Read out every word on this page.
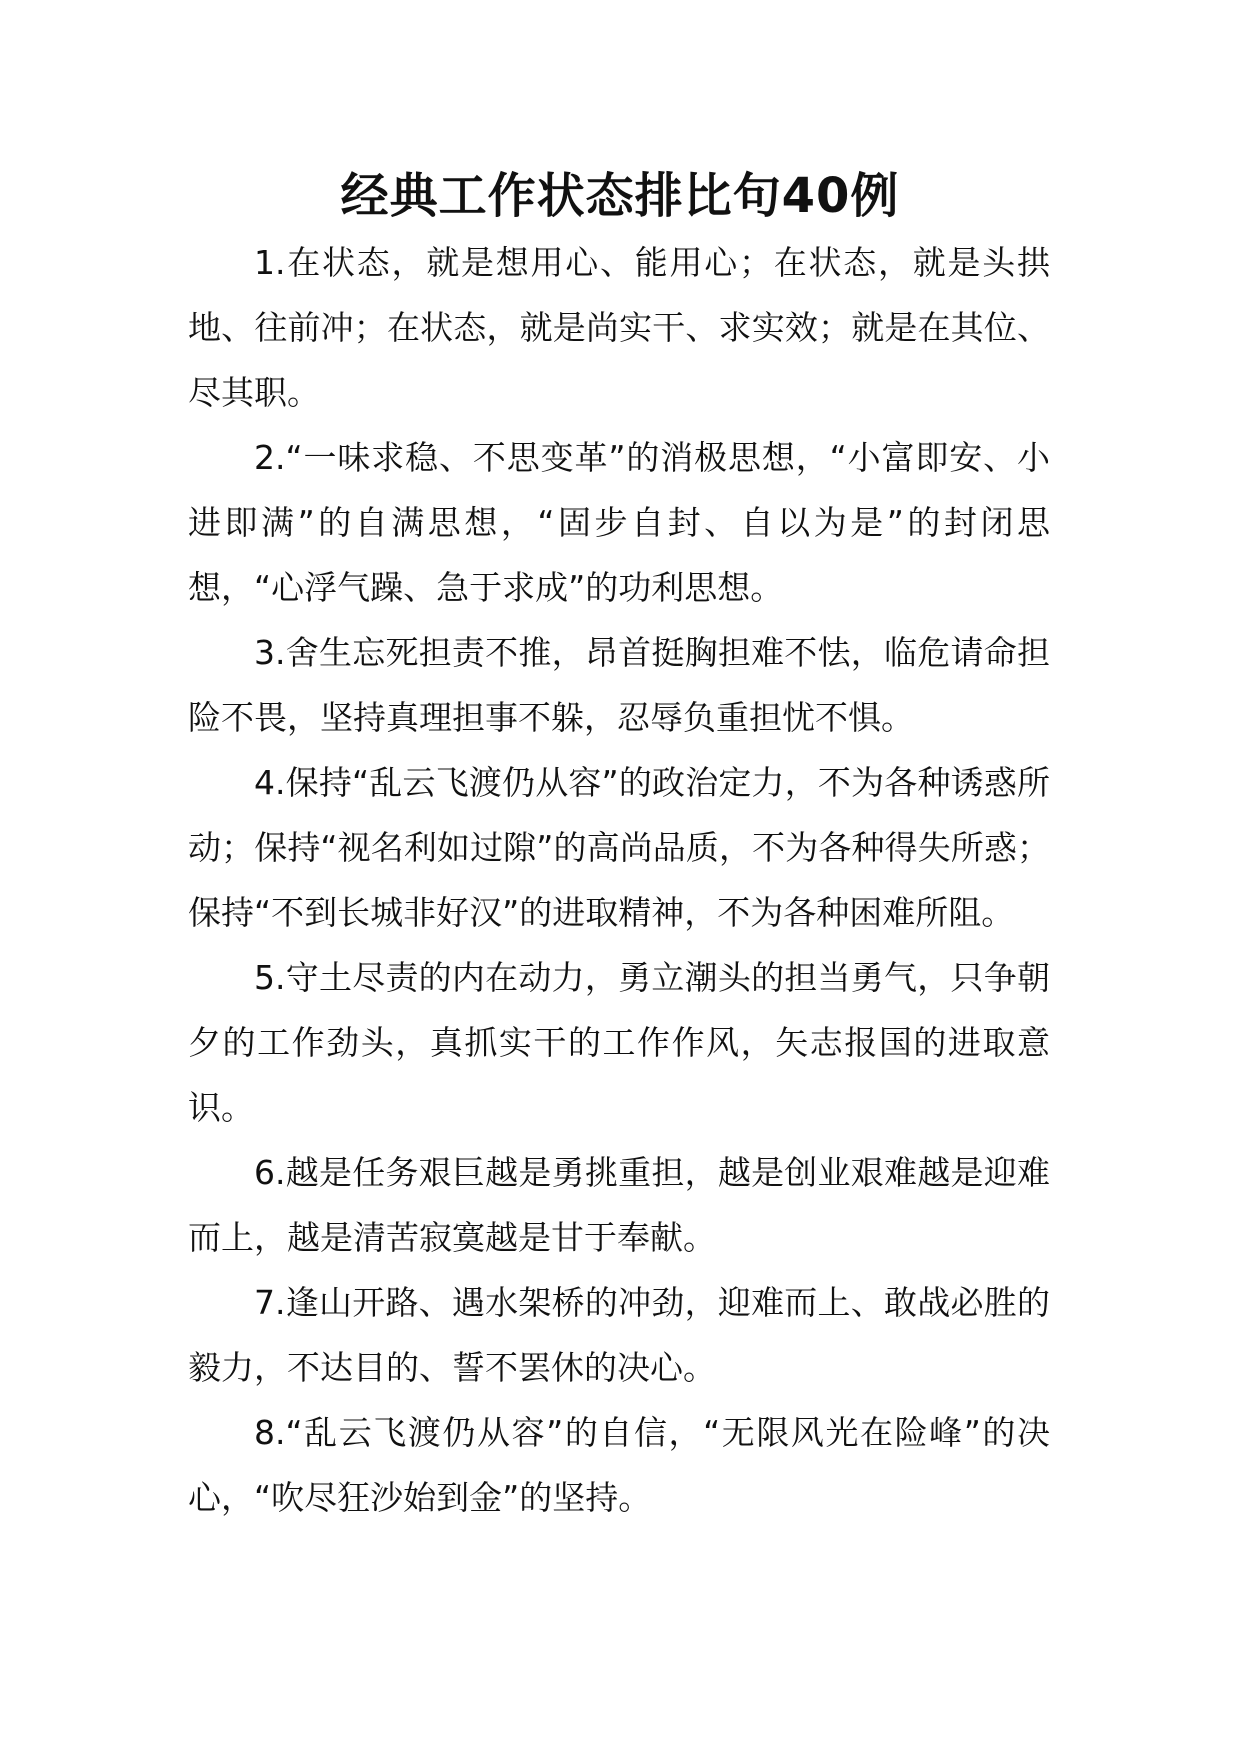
经典工作状态排比句40例

1.在状态，就是想用心、能用心；在状态，就是头拱地、往前冲；在状态，就是尚实干、求实效；就是在其位、尽其职。

2.“一味求稳、不思变革”的消极思想，“小富即安、小进即满”的自满思想，“固步自封、自以为是”的封闭思想，“心浮气躁、急于求成”的功利思想。

3.舍生忘死担责不推，昂首挺胸担难不怯，临危请命担险不畏，坚持真理担事不躲，忍辱负重担忧不惧。

4.保持“乱云飞渡仍从容”的政治定力，不为各种诱惑所动；保持“视名利如过隙”的高尚品质，不为各种得失所惑；保持“不到长城非好汉”的进取精神，不为各种困难所阻。

5.守土尽责的内在动力，勇立潮头的担当勇气，只争朝夕的工作劲头，真抓实干的工作作风，矢志报国的进取意识。

6.越是任务艰巨越是勇挑重担，越是创业艰难越是迎难而上，越是清苦寂寞越是甘于奉献。

7.逢山开路、遇水架桥的冲劲，迎难而上、敢战必胜的毅力，不达目的、誓不罢休的决心。

8.“乱云飞渡仍从容”的自信，“无限风光在险峰”的决心，“吹尽狂沙始到金”的坚持。
